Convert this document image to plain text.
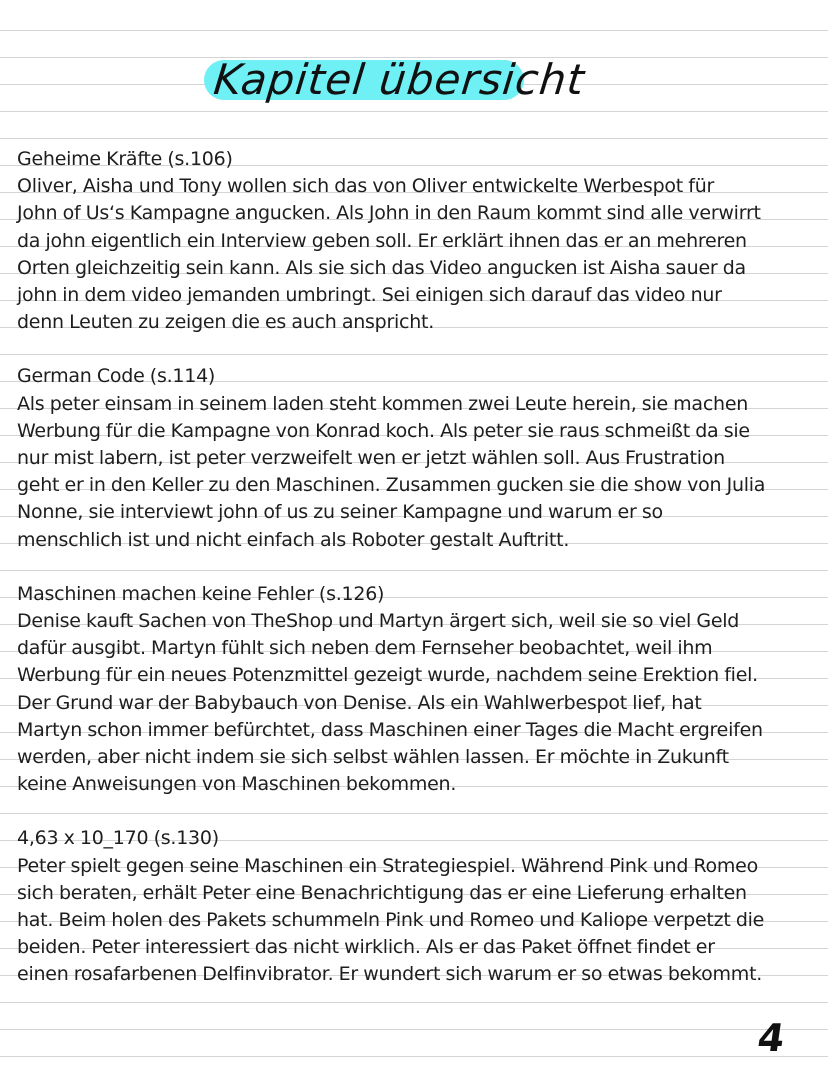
Kapitel übersicht

Geheime Kräfte (s.106)

Oliver, Aisha und Tony wollen sich das von Oliver entwickelte Werbespot für

John of Us‘s Kampagne angucken. Als John in den Raum kommt sind alle verwirrt

da john eigentlich ein Interview geben soll. Er erklärt ihnen das er an mehreren

Orten gleichzeitig sein kann. Als sie sich das Video angucken ist Aisha sauer da

john in dem video jemanden umbringt. Sei einigen sich darauf das video nur

denn Leuten zu zeigen die es auch anspricht.

German Code (s.114)

Als peter einsam in seinem laden steht kommen zwei Leute herein, sie machen

Werbung für die Kampagne von Konrad koch. Als peter sie raus schmeißt da sie

nur mist labern, ist peter verzweifelt wen er jetzt wählen soll. Aus Frustration

geht er in den Keller zu den Maschinen. Zusammen gucken sie die show von Julia

Nonne, sie interviewt john of us zu seiner Kampagne und warum er so

menschlich ist und nicht einfach als Roboter gestalt Auftritt.

Maschinen machen keine Fehler (s.126)

Denise kauft Sachen von TheShop und Martyn ärgert sich, weil sie so viel Geld

dafür ausgibt. Martyn fühlt sich neben dem Fernseher beobachtet, weil ihm

Werbung für ein neues Potenzmittel gezeigt wurde, nachdem seine Erektion fiel.

Der Grund war der Babybauch von Denise. Als ein Wahlwerbespot lief, hat

Martyn schon immer befürchtet, dass Maschinen einer Tages die Macht ergreifen

werden, aber nicht indem sie sich selbst wählen lassen. Er möchte in Zukunft

keine Anweisungen von Maschinen bekommen.

4,63 x 10_170 (s.130)

Peter spielt gegen seine Maschinen ein Strategiespiel. Während Pink und Romeo

sich beraten, erhält Peter eine Benachrichtigung das er eine Lieferung erhalten

hat. Beim holen des Pakets schummeln Pink und Romeo und Kaliope verpetzt die

beiden. Peter interessiert das nicht wirklich. Als er das Paket öffnet findet er

einen rosafarbenen Delfinvibrator. Er wundert sich warum er so etwas bekommt.

4
